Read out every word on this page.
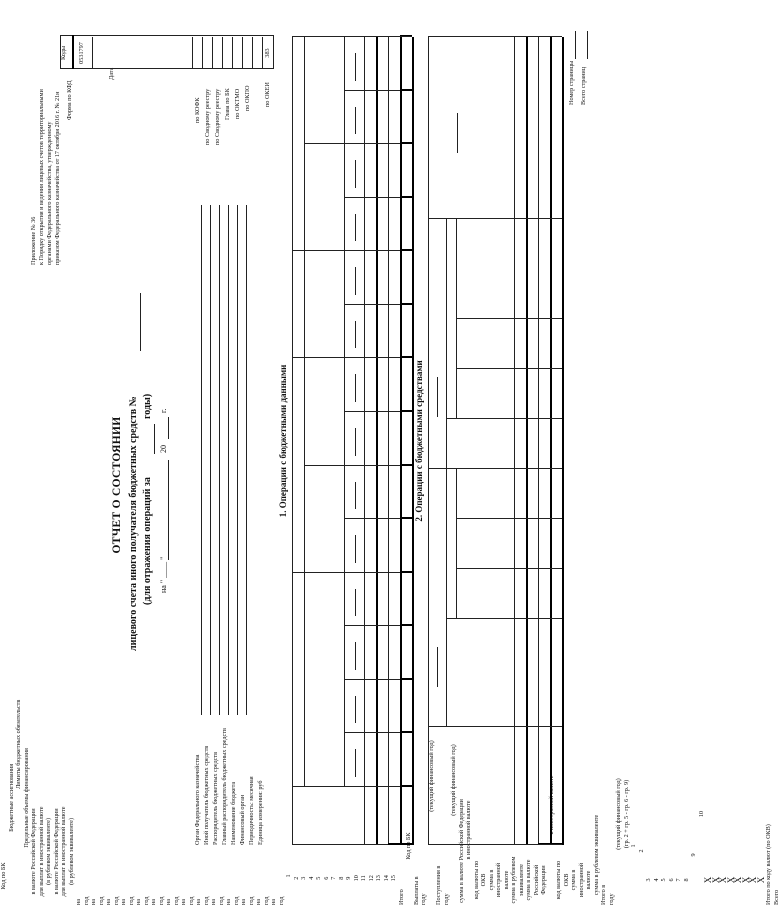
Приложение № 36 к Порядку открытия и ведения лицевых счетов территориальными органами Федерального казначейства, утвержденному приказом Федерального казначейства от 17 октября 2016 г. № 21н
ОТЧЕТ О СОСТОЯНИИ лицевого счета иного получателя бюджетных средств № (для отражения операций за
годы)
на " ____ "
20
г.
Форма по КФД
Дата
по КОФК по Сводному реестру по Сводному реестру Глава по БК по ОКТМО по ОКПО по ОКЕИ
Коды 0531797	383
Орган Федерального казначейства Иной получатель бюджетных средств Распорядитель бюджетных средств Главный распорядитель бюджетных средств Наименование бюджета Финансовый орган Периодичность: месячная Единица измерения: руб
1. Операции с бюджетными данными	2. Операции с бюджетными средствами
Номер страницы Всего страниц
Код по БК
Бюджетные ассигнования
Лимиты бюджетных обязательств
Предельные объемы финансирования
в валюте Российской Федерации для выплат в иностранной валюте (в рублевом эквиваленте) в валюте Российской Федерации для выплат в иностранной валюте (в рублевом эквиваленте)
на год на год на год на год на год на год на год на год на год на год на год на год на год на год
1
2 3 4 5 6 7 8 9 10 11 12 13 14 15
Итого
Код по БК
Выплаты в году
(текущий финансовый год)
Поступления в году
(текущий финансовый год)
сумма в валюте Российской Федерации в иностранной валюте
код валюты по ОКВ сумма в иностранной валюте сумма в рублевом эквиваленте сумма в валюте Российской Федерации
в иностранной валюте
код валюты по ОКВ сумма в иностранной валюте сумма в рублевом эквиваленте Итого в году
(текущий финансовый год) (гр. 2 + гр. 5 - гр. 6 - гр. 9) 1
2
3 4 5 6 7 8
9
10
X
X
X
X
X
X
X
X Итого по коду валют (по ОКВ) Всего
